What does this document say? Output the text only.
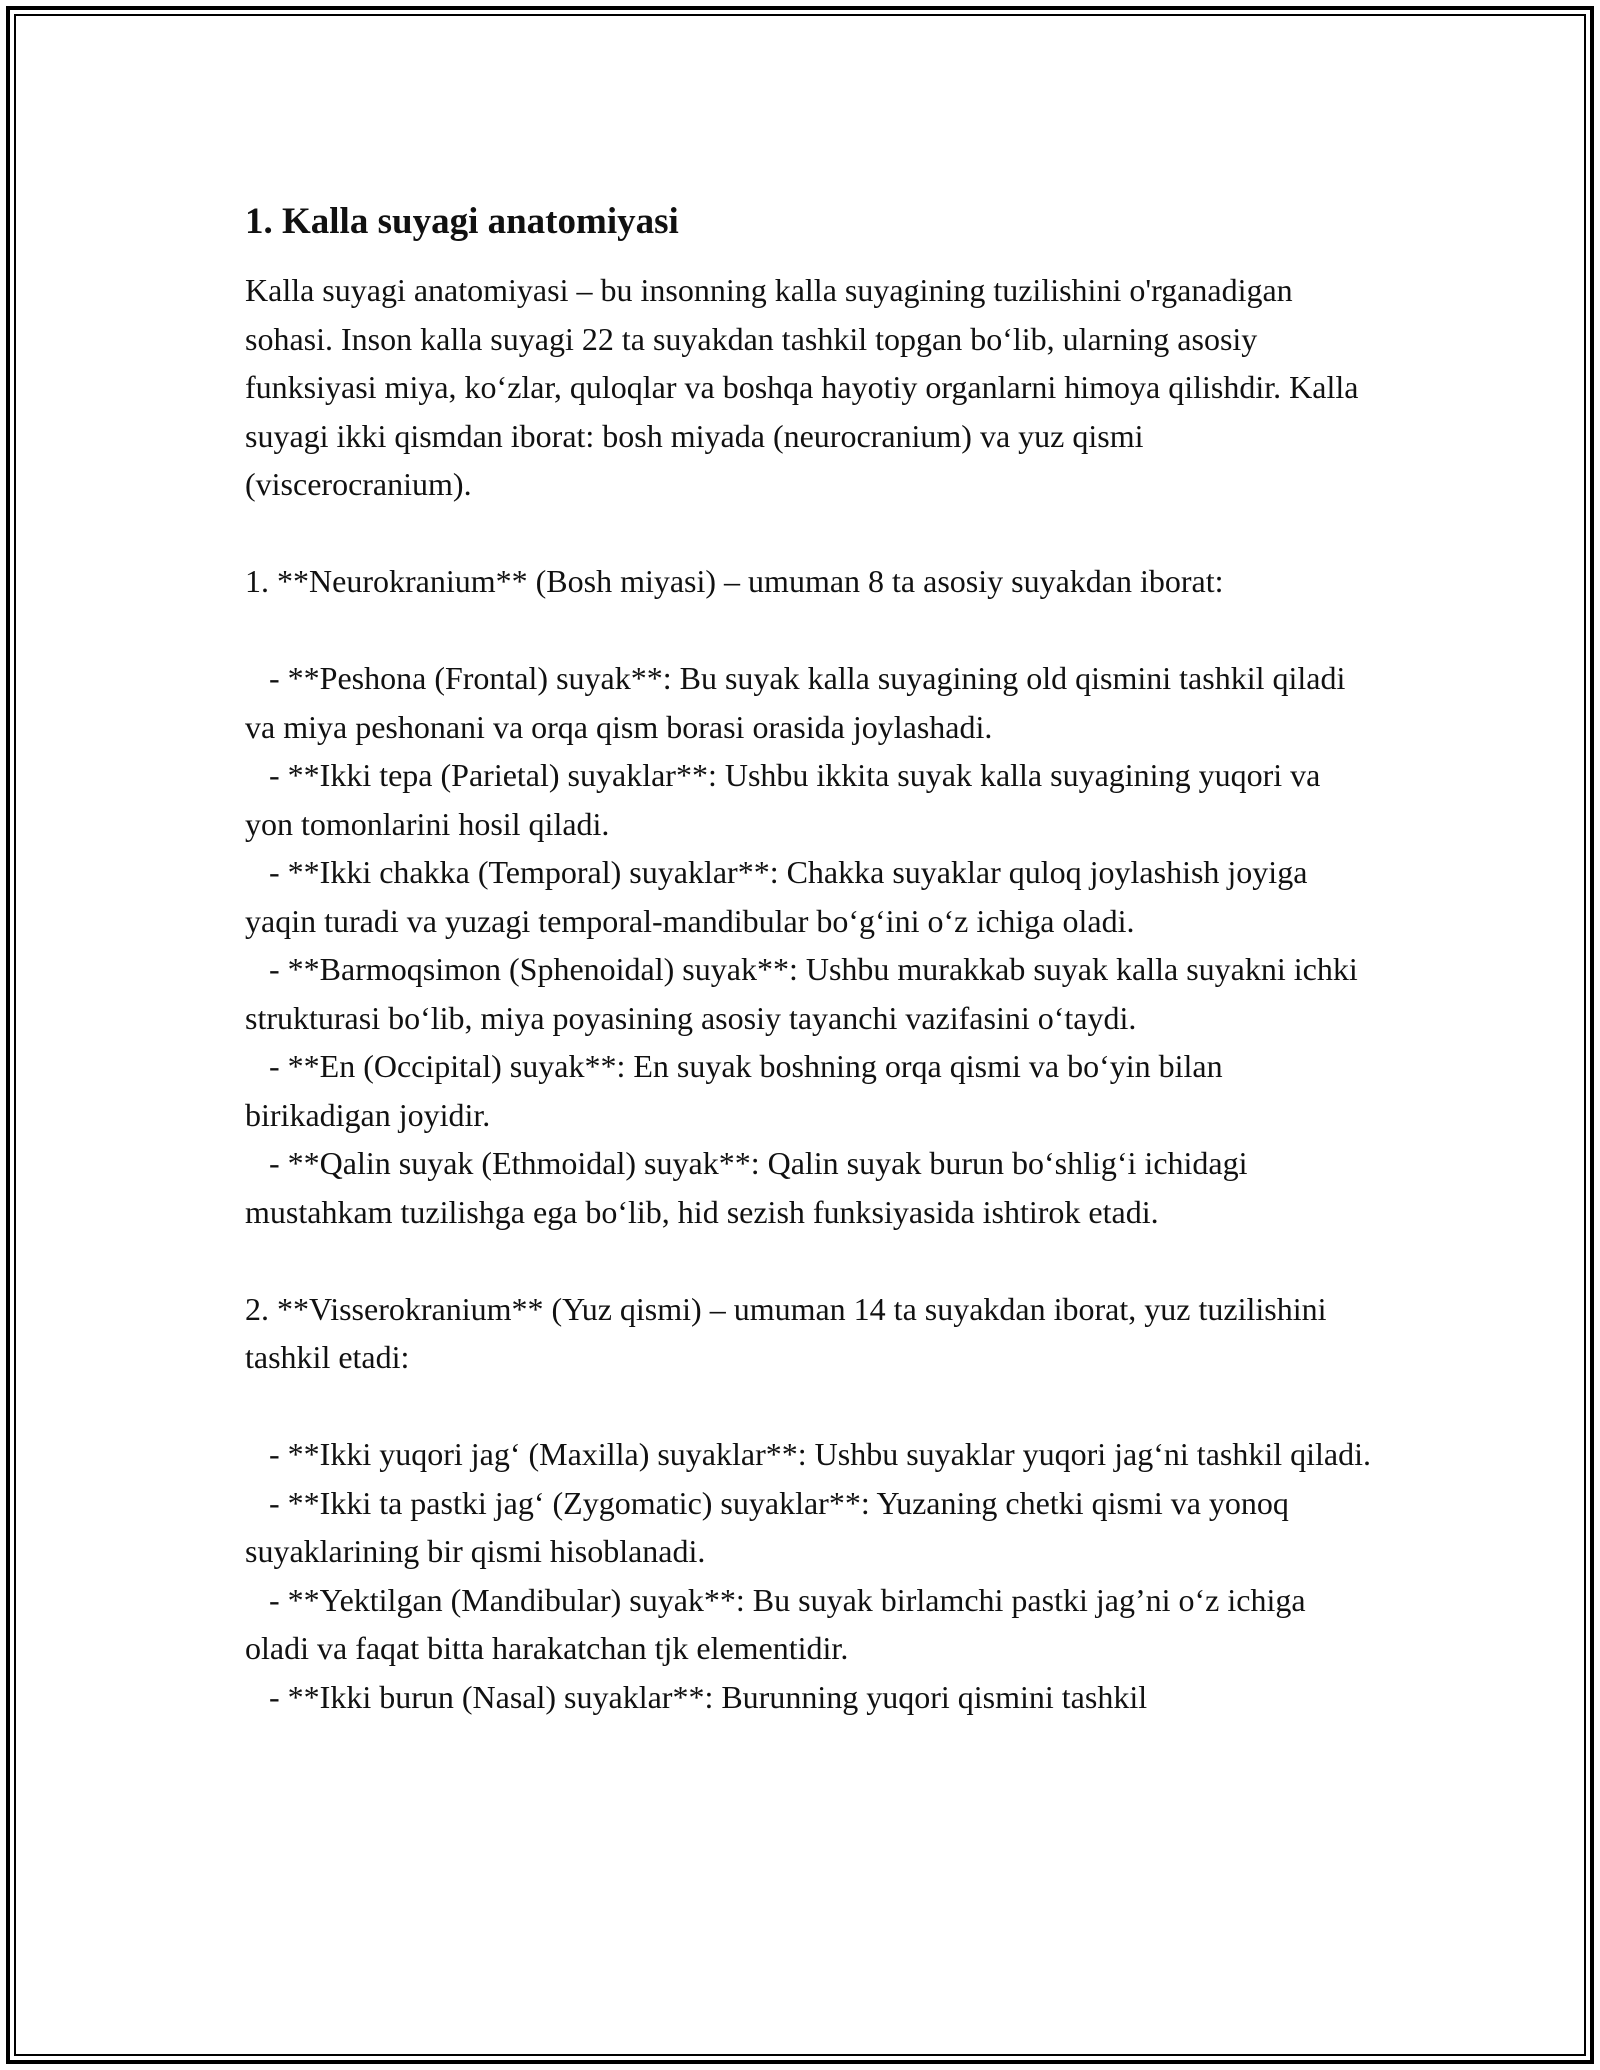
1. Kalla suyagi anatomiyasi

Kalla suyagi anatomiyasi – bu insonning kalla suyagining tuzilishini o'rganadigan sohasi. Inson kalla suyagi 22 ta suyakdan tashkil topgan bo‘lib, ularning asosiy funksiyasi miya, ko‘zlar, quloqlar va boshqa hayotiy organlarni himoya qilishdir. Kalla suyagi ikki qismdan iborat: bosh miyada (neurocranium) va yuz qismi (viscerocranium).

1. **Neurokranium** (Bosh miyasi) – umuman 8 ta asosiy suyakdan iborat:

- **Peshona (Frontal) suyak**: Bu suyak kalla suyagining old qismini tashkil qiladi va miya peshonani va orqa qism borasi orasida joylashadi.

- **Ikki tepa (Parietal) suyaklar**: Ushbu ikkita suyak kalla suyagining yuqori va yon tomonlarini hosil qiladi.

- **Ikki chakka (Temporal) suyaklar**: Chakka suyaklar quloq joylashish joyiga yaqin turadi va yuzagi temporal-mandibular bo‘g‘ini o‘z ichiga oladi.

- **Barmoqsimon (Sphenoidal) suyak**: Ushbu murakkab suyak kalla suyakni ichki strukturasi bo‘lib, miya poyasining asosiy tayanchi vazifasini o‘taydi.

- **En (Occipital) suyak**: En suyak boshning orqa qismi va bo‘yin bilan birikadigan joyidir.

- **Qalin suyak (Ethmoidal) suyak**: Qalin suyak burun bo‘shlig‘i ichidagi mustahkam tuzilishga ega bo‘lib, hid sezish funksiyasida ishtirok etadi.

2. **Visserokranium** (Yuz qismi) – umuman 14 ta suyakdan iborat, yuz tuzilishini tashkil etadi:

- **Ikki yuqori jag‘ (Maxilla) suyaklar**: Ushbu suyaklar yuqori jag‘ni tashkil qiladi.

- **Ikki ta pastki jag‘ (Zygomatic) suyaklar**: Yuzaning chetki qismi va yonoq suyaklarining bir qismi hisoblanadi.

- **Yektilgan (Mandibular) suyak**: Bu suyak birlamchi pastki jag’ni o‘z ichiga oladi va faqat bitta harakatchan tjk elementidir.

- **Ikki burun (Nasal) suyaklar**: Burunning yuqori qismini tashkil
